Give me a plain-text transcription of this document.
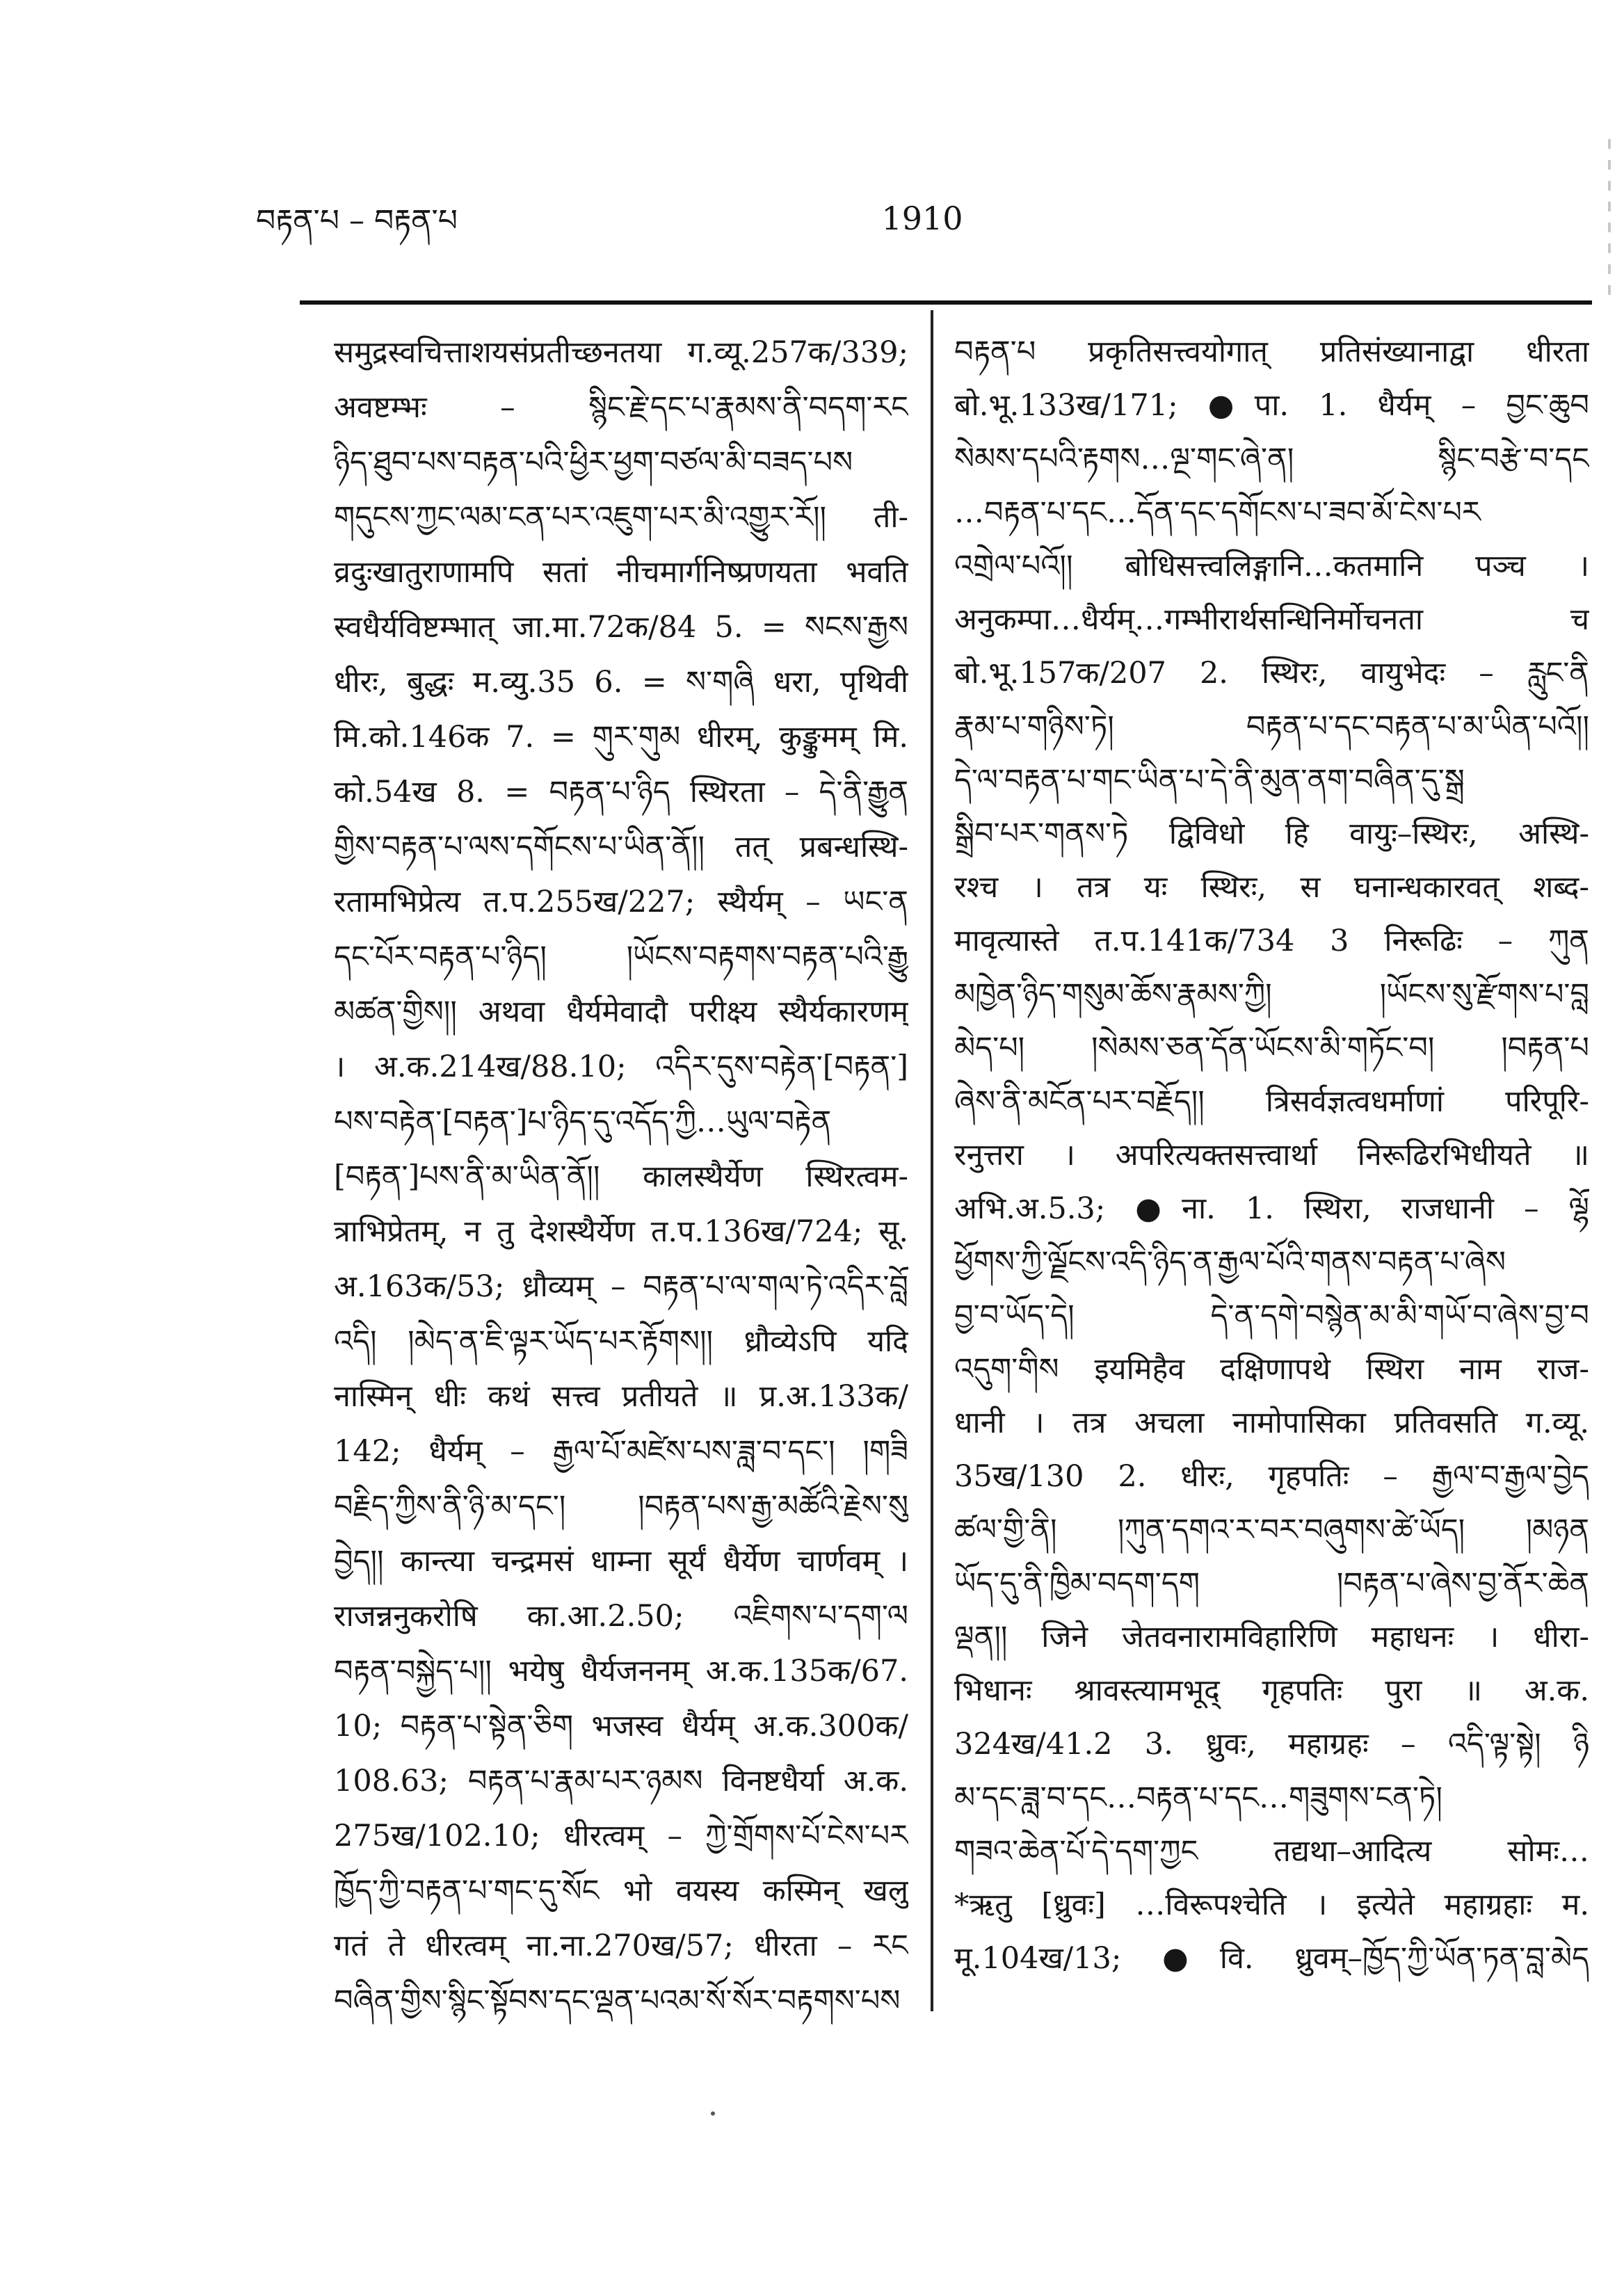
བརྟན་པ – བརྟན་པ	1910
समुद्रस्वचित्ताशयसंप्रतीच्छनतया ग.व्यू.257क/339;
अवष्टम्भः – སྙིང་རྗེ་དང་པ་རྣམས་ནི་བདག་རང
ཉིད་ཐུབ་པས་བརྟན་པའི་ཕྱིར་ཕྱག་བཙལ་མི་བཟད་པས
གདུངས་ཀྱང་ལམ་ངན་པར་འཇུག་པར་མི་འགྱུར་རོ།། ती-
व्रदुःखातुराणामपि सतां नीचमार्गनिष्प्रणयता भवति
स्वधैर्यविष्टम्भात् जा.मा.72क/84 5. = སངས་རྒྱས
धीरः, बुद्धः म.व्यु.35 6. = ས་གཞི धरा, पृथिवी
मि.को.146क 7. = གུར་གུམ धीरम्, कुङ्कुमम् मि.
को.54ख 8. = བརྟན་པ་ཉིད स्थिरता – དེ་ནི་རྒྱུན
གྱིས་བརྟན་པ་ལས་དགོངས་པ་ཡིན་ནོ།། तत् प्रबन्धस्थि-
रतामभिप्रेत्य त.प.255ख/227; स्थैर्यम् – ཡང་ན
དང་པོར་བརྟན་པ་ཉིད། །ཡོངས་བརྟགས་བརྟན་པའི་རྒྱུ
མཚན་གྱིས།། अथवा धैर्यमेवादौ परीक्ष्य स्थैर्यकारणम्
। अ.क.214ख/88.10; འདིར་དུས་བརྟེན་[བརྟན་]
པས་བརྟེན་[བརྟན་]པ་ཉིད་དུ་འདོད་ཀྱི…ཡུལ་བརྟེན
[བརྟན་]པས་ནི་མ་ཡིན་ནོ།། कालस्थैर्येण स्थिरत्वम-
त्राभिप्रेतम्, न तु देशस्थैर्येण त.प.136ख/724; सू.
अ.163क/53; ध्रौव्यम् – བརྟན་པ་ལ་གལ་ཏེ་འདིར་བློ
འདི། །མེད་ན་ཇི་ལྟར་ཡོད་པར་རྟོགས།། ध्रौव्येऽपि यदि
नास्मिन् धीः कथं सत्त्व प्रतीयते ॥ प्र.अ.133क/
142; धैर्यम् – རྒྱལ་པོ་མཛེས་པས་ཟླ་བ་དང་། །གཟི
བརྗིད་ཀྱིས་ནི་ཉི་མ་དང་། །བརྟན་པས་རྒྱ་མཚོའི་རྗེས་སུ
བྱེད།། कान्त्या चन्द्रमसं धाम्ना सूर्यं धैर्येण चार्णवम् ।
राजन्ननुकरोषि का.आ.2.50; འཇིགས་པ་དག་ལ
བརྟན་བསྐྱེད་པ།། भयेषु धैर्यजननम् अ.क.135क/67.
10; བརྟན་པ་སྟེན་ཅིག भजस्व धैर्यम् अ.क.300क/
108.63; བརྟན་པ་རྣམ་པར་ཉམས विनष्टधैर्या अ.क.
275ख/102.10; धीरत्वम् – ཀྱེ་གྲོགས་པོ་ངེས་པར
ཁྱོད་ཀྱི་བརྟན་པ་གང་དུ་སོང भो वयस्य कस्मिन् खलु
गतं ते धीरत्वम् ना.ना.270ख/57; धीरता – རང
བཞིན་གྱིས་སྙིང་སྟོབས་དང་ལྡན་པའམ་སོ་སོར་བརྟགས་པས
བརྟན་པ प्रकृतिसत्त्वयोगात् प्रतिसंख्यानाद्वा धीरता
बो.भू.133ख/171; ●पा. 1. धैर्यम् – བྱང་ཆུབ
སེམས་དཔའི་རྟགས…ལྔ་གང་ཞེ་ན། སྙིང་བརྩེ་བ་དང
…བརྟན་པ་དང…དོན་དང་དགོངས་པ་ཟབ་མོ་ངེས་པར
འགྲེལ་པའོ།། बोधिसत्त्वलिङ्गानि…कतमानि पञ्च ।
अनुकम्पा…धैर्यम्…गम्भीरार्थसन्धिनिर्मोचनता च
बो.भू.157क/207 2. स्थिरः, वायुभेदः – རླུང་ནི
རྣམ་པ་གཉིས་ཏེ། བརྟན་པ་དང་བརྟན་པ་མ་ཡིན་པའོ།།
དེ་ལ་བརྟན་པ་གང་ཡིན་པ་དེ་ནི་མུན་ནག་བཞིན་དུ་སྒྲ
སྒྲིབ་པར་གནས་ཏེ द्विविधो हि वायुः–स्थिरः, अस्थि-
रश्च । तत्र यः स्थिरः, स घनान्धकारवत् शब्द-
मावृत्यास्ते त.प.141क/734 3 निरूढिः – ཀུན
མཁྱེན་ཉིད་གསུམ་ཆོས་རྣམས་ཀྱི། །ཡོངས་སུ་རྫོགས་པ་བླ
མེད་པ། །སེམས་ཅན་དོན་ཡོངས་མི་གཏོང་བ། །བརྟན་པ
ཞེས་ནི་མངོན་པར་བརྗོད།། त्रिसर्वज्ञत्वधर्माणां परिपूरि-
रनुत्तरा । अपरित्यक्तसत्त्वार्था निरूढिरभिधीयते ॥
अभि.अ.5.3; ●ना. 1. स्थिरा, राजधानी – ལྷོ
ཕྱོགས་ཀྱི་ལྗོངས་འདི་ཉིད་ན་རྒྱལ་པོའི་གནས་བརྟན་པ་ཞེས
བྱ་བ་ཡོད་དེ། དེ་ན་དགེ་བསྙེན་མ་མི་གཡོ་བ་ཞེས་བྱ་བ
འདུག་གིས इयमिहैव दक्षिणापथे स्थिरा नाम राज-
धानी । तत्र अचला नामोपासिका प्रतिवसति ग.व्यू.
35ख/130 2. धीरः, गृहपतिः – རྒྱལ་བ་རྒྱལ་བྱེད
ཚལ་གྱི་ནི། །ཀུན་དགའ་ར་བར་བཞུགས་ཚེ་ཡོད། །མཉན
ཡོད་དུ་ནི་ཁྱིམ་བདག་དག །བརྟན་པ་ཞེས་བྱ་ནོར་ཆེན
ལྡན།། जिने जेतवनारामविहारिणि महाधनः । धीरा-
भिधानः श्रावस्त्यामभूद् गृहपतिः पुरा ॥ अ.क.
324ख/41.2 3. ध्रुवः, महाग्रहः – འདི་ལྟ་སྟེ། ཉི
མ་དང་ཟླ་བ་དང…བརྟན་པ་དང…གཟུགས་ངན་ཏེ།
གཟའ་ཆེན་པོ་དེ་དག་ཀྱང तद्यथा–आदित्य सोमः…
*ऋतु [ध्रुवः] …विरूपश्चेति । इत्येते महाग्रहाः म.
मू.104ख/13; ●वि. ध्रुवम्–ཁྱོད་ཀྱི་ཡོན་ཏན་བླ་མེད
